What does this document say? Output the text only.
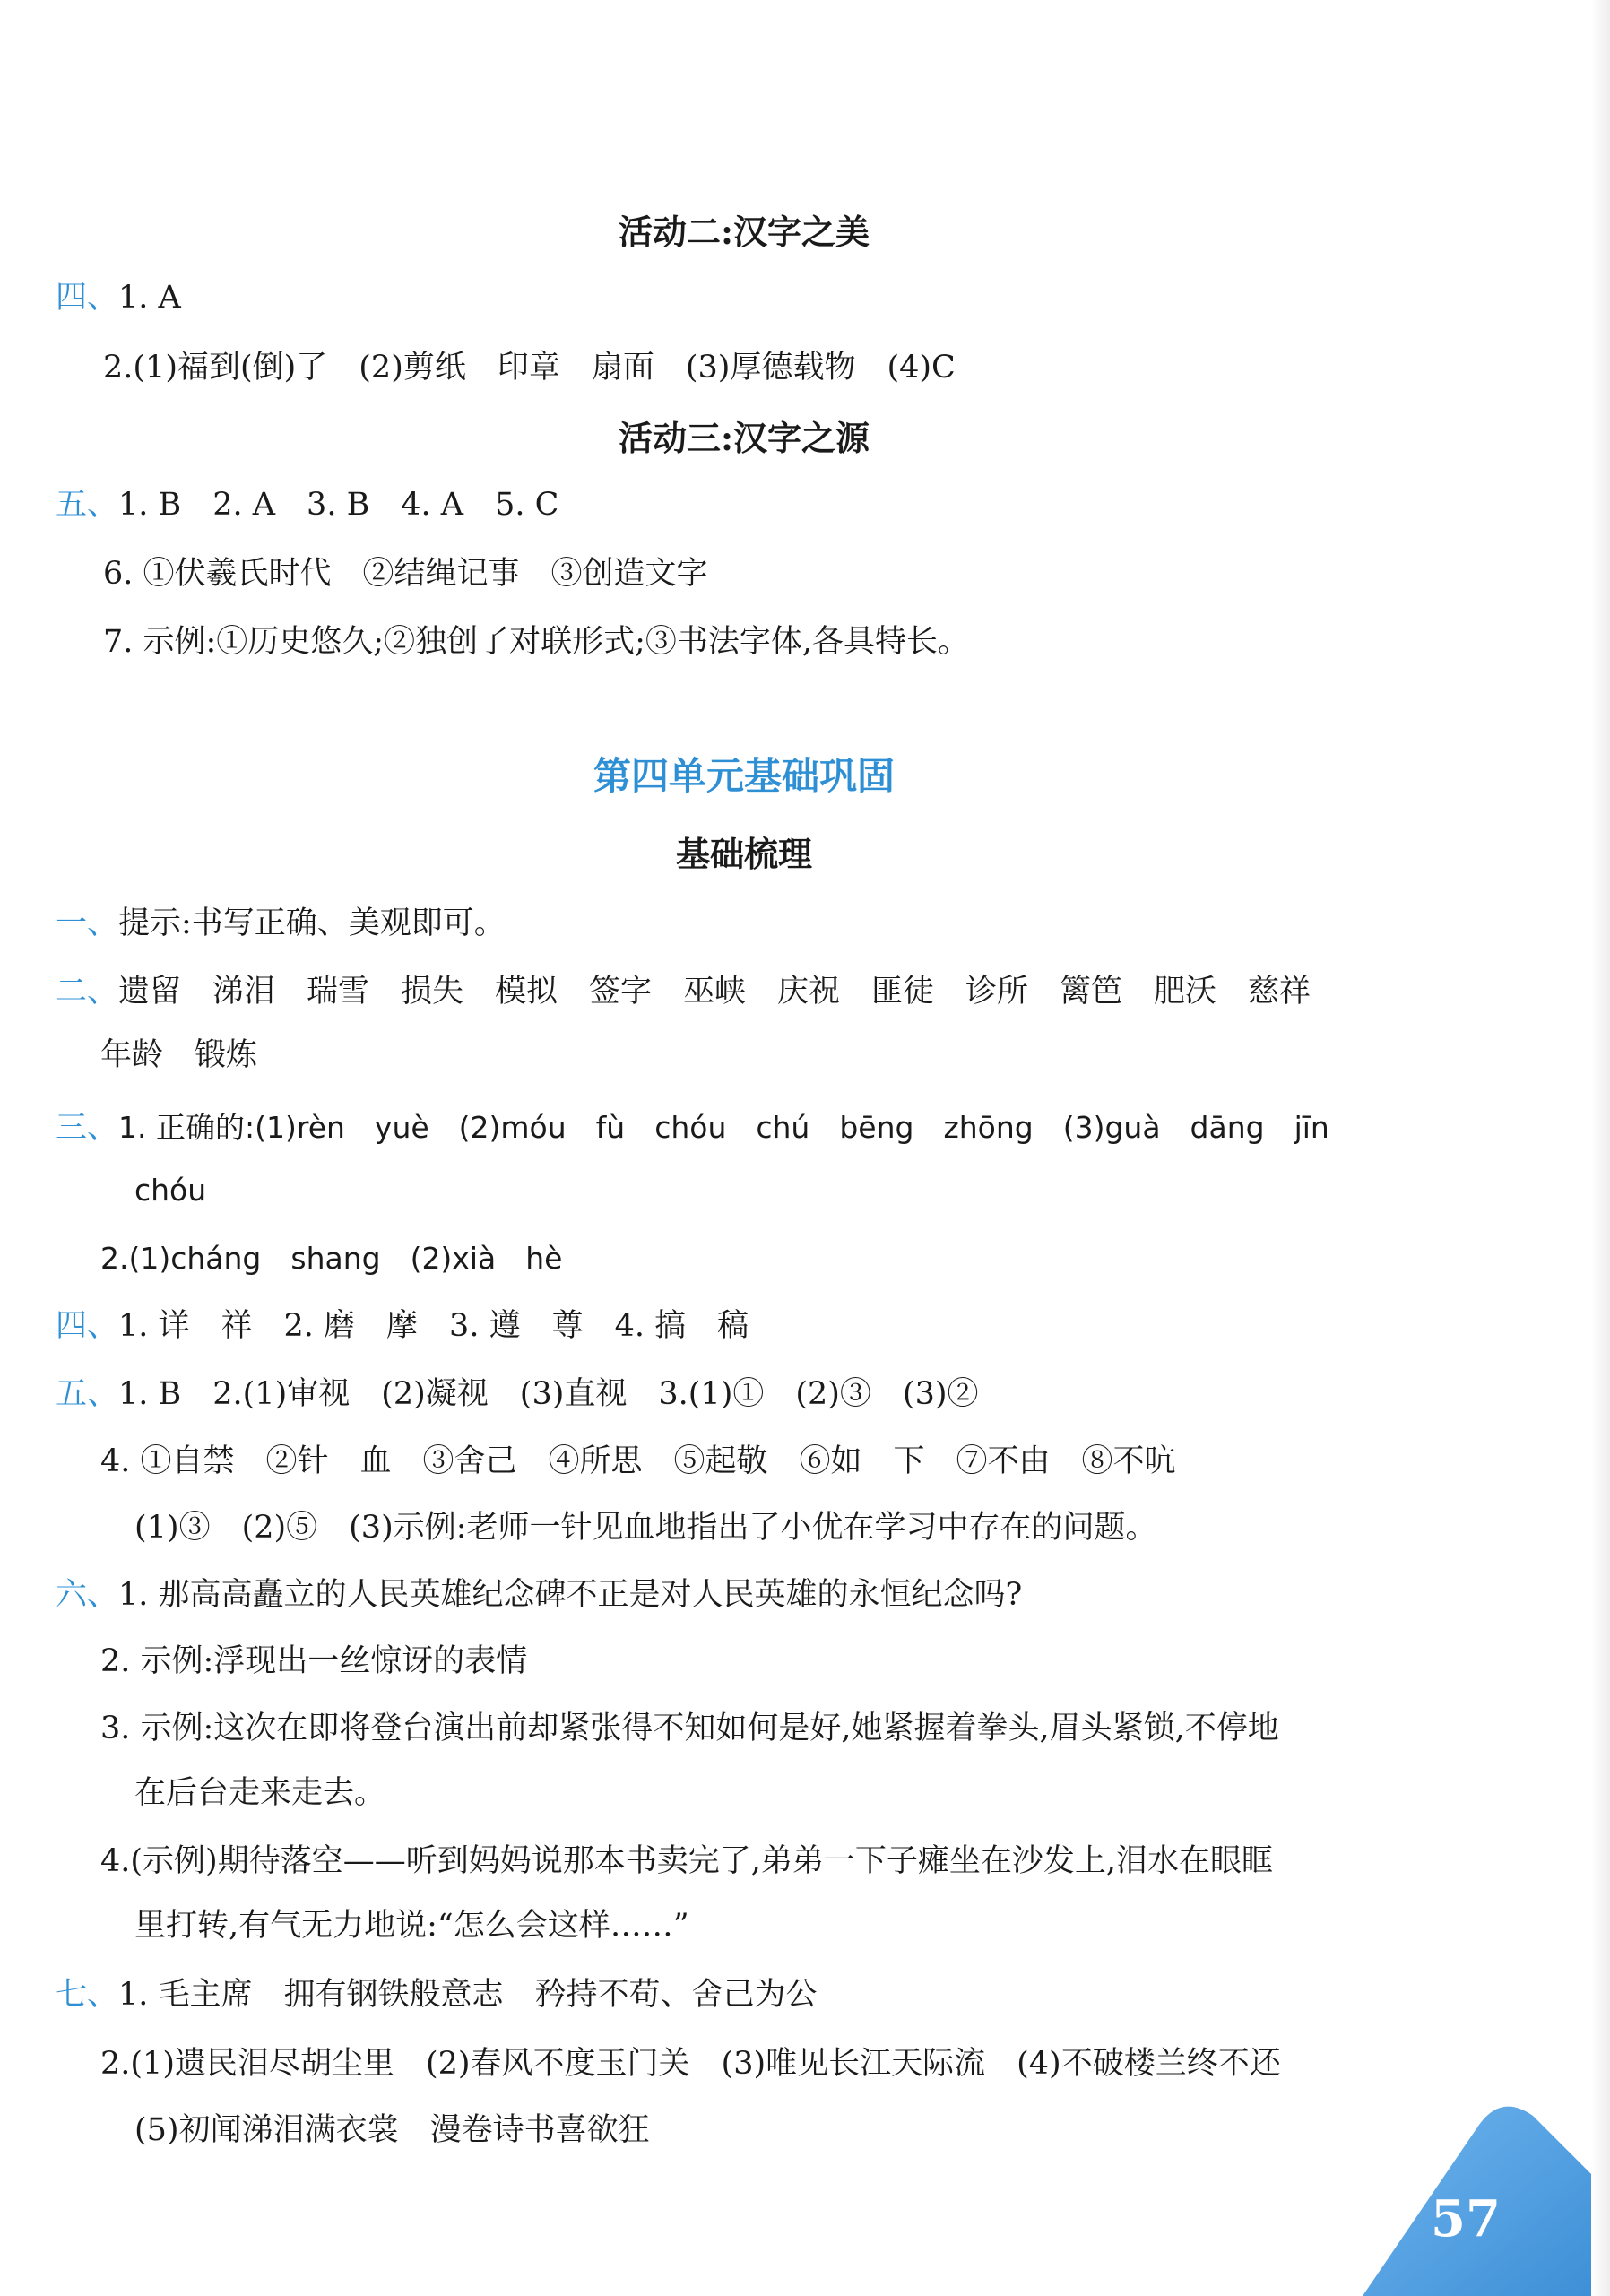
活动二:汉字之美
四、1. A
2.(1)福到(倒)了　(2)剪纸　印章　扇面　(3)厚德载物　(4)C
活动三:汉字之源
五、1. B　2. A　3. B　4. A　5. C
6. ①伏羲氏时代　②结绳记事　③创造文字
7. 示例:①历史悠久;②独创了对联形式;③书法字体,各具特长。
第四单元基础巩固
基础梳理
一、提示:书写正确、美观即可。
二、遗留　涕泪　瑞雪　损失　模拟　签字　巫峡　庆祝　匪徒　诊所　篱笆　肥沃　慈祥
年龄　锻炼
三、1. 正确的:(1)rèn　yuè　(2)móu　fù　chóu　chú　bēng　zhōng　(3)guà　dāng　jīn
chóu
2.(1)cháng　shang　(2)xià　hè
四、1. 详　祥　2. 磨　摩　3. 遵　尊　4. 搞　稿
五、1. B　2.(1)审视　(2)凝视　(3)直视　3.(1)①　(2)③　(3)②
4. ①自禁　②针　血　③舍己　④所思　⑤起敬　⑥如　下　⑦不由　⑧不吭
(1)③　(2)⑤　(3)示例:老师一针见血地指出了小优在学习中存在的问题。
六、1. 那高高矗立的人民英雄纪念碑不正是对人民英雄的永恒纪念吗?
2. 示例:浮现出一丝惊讶的表情
3. 示例:这次在即将登台演出前却紧张得不知如何是好,她紧握着拳头,眉头紧锁,不停地
在后台走来走去。
4.(示例)期待落空——听到妈妈说那本书卖完了,弟弟一下子瘫坐在沙发上,泪水在眼眶
里打转,有气无力地说:“怎么会这样……”
七、1. 毛主席　拥有钢铁般意志　矜持不苟、舍己为公
2.(1)遗民泪尽胡尘里　(2)春风不度玉门关　(3)唯见长江天际流　(4)不破楼兰终不还
(5)初闻涕泪满衣裳　漫卷诗书喜欲狂
57
